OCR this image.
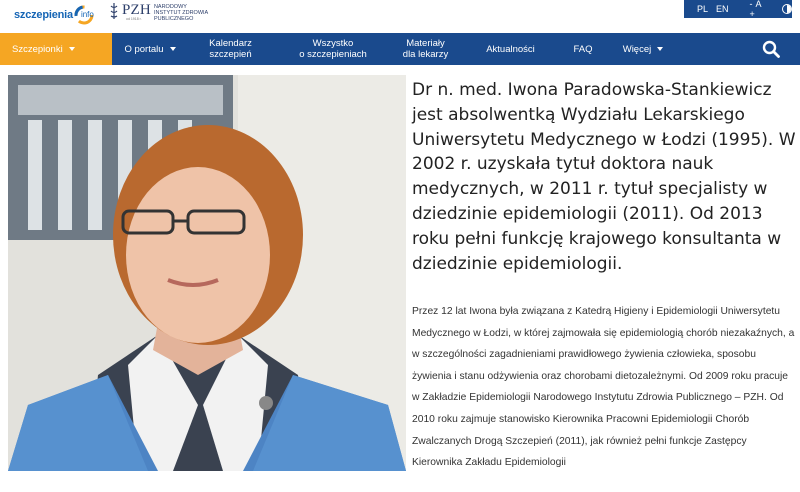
szczepienia info PZH NARODOWY INSTYTUT ZDROWIA PUBLICZNEGO
od 1918 r.
PL EN - A +
Szczepionki	O portalu	Kalendarz
szczepień
Wszystko
o szczepieniach
Materiały
dla lekarzy	Aktualności	FAQ	Więcej
Dr n. med. Iwona Paradowska-Stankiewicz jest absolwentką Wydziału Lekarskiego Uniwersytetu Medycznego w Łodzi (1995). W 2002 r. uzyskała tytuł doktora nauk medycznych, w 2011 r. tytuł specjalisty w dziedzinie epidemiologii (2011). Od 2013 roku pełni funkcję krajowego konsultanta w dziedzinie epidemiologii.
Przez 12 lat Iwona była związana z Katedrą Higieny i Epidemiologii Uniwersytetu Medycznego w Łodzi, w której zajmowała się epidemiologią chorób niezakaźnych, a w szczególności zagadnieniami prawidłowego żywienia człowieka, sposobu żywienia i stanu odżywienia oraz chorobami dietozależnymi. Od 2009 roku pracuje w Zakładzie Epidemiologii Narodowego Instytutu Zdrowia Publicznego – PZH. Od 2010 roku zajmuje stanowisko Kierownika Pracowni Epidemiologii Chorób Zwalczanych Drogą Szczepień (2011), jak również pełni funkcje Zastępcy Kierownika Zakładu Epidemiologii
